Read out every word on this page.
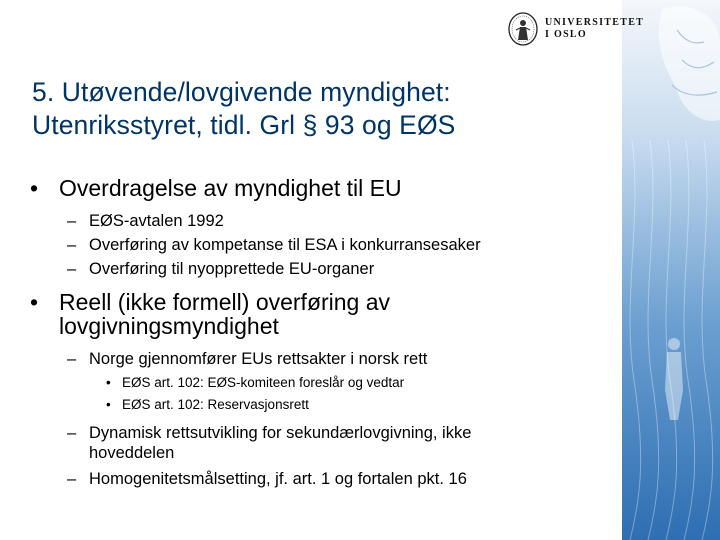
UNIVERSITETET
I OSLO
5. Utøvende/lovgivende myndighet:
Utenriksstyret, tidl. Grl § 93 og EØS
• Overdragelse av myndighet til EU
– EØS-avtalen 1992
– Overføring av kompetanse til ESA i konkurransesaker
– Overføring til nyopprettede EU-organer
• Reell (ikke formell) overføring av
lovgivningsmyndighet
– Norge gjennomfører EUs rettsakter i norsk rett
• EØS art. 102: EØS-komiteen foreslår og vedtar
• EØS art. 102: Reservasjonsrett
– Dynamisk rettsutvikling for sekundærlovgivning, ikke
hoveddelen
– Homogenitetsmålsetting, jf. art. 1 og fortalen pkt. 16
